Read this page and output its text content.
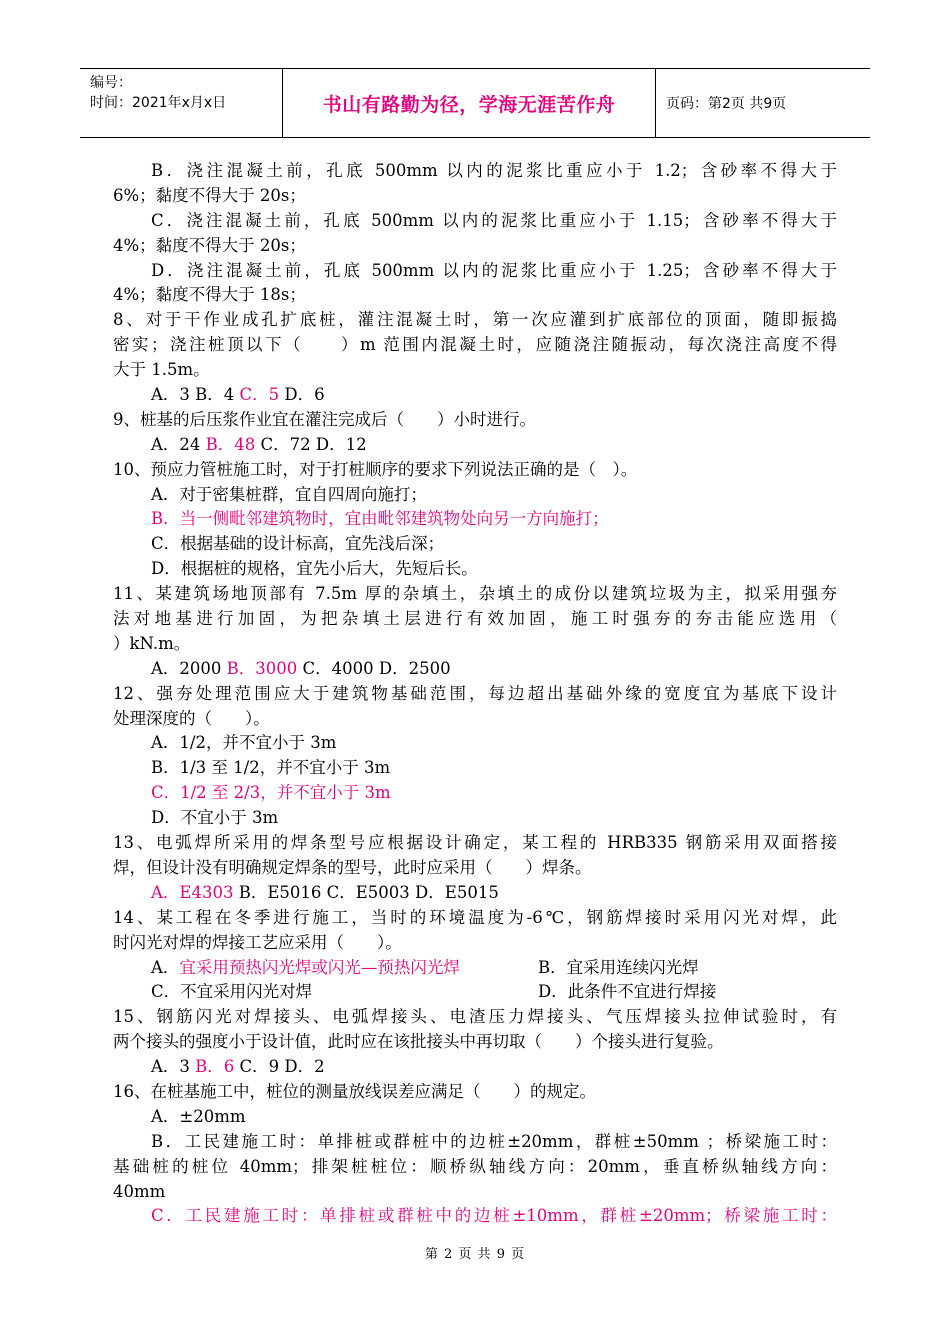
编号：
时间：2021年x月x日	书山有路勤为径，学海无涯苦作舟	页码：第2页 共9页
B．浇注混凝土前，孔底 500mm 以内的泥浆比重应小于 1.2；含砂率不得大于
6%；黏度不得大于 20s；
C．浇注混凝土前，孔底 500mm 以内的泥浆比重应小于 1.15；含砂率不得大于
4%；黏度不得大于 20s；
D．浇注混凝土前，孔底 500mm 以内的泥浆比重应小于 1.25；含砂率不得大于
4%；黏度不得大于 18s；
8、对于干作业成孔扩底桩，灌注混凝土时，第一次应灌到扩底部位的顶面，随即振捣
密实；浇注桩顶以下（　　）m 范围内混凝土时，应随浇注随振动，每次浇注高度不得
大于 1.5m。
A．3 B．4 C．5 D．6
9、桩基的后压浆作业宜在灌注完成后（　　）小时进行。
A．24 B．48 C．72 D．12
10、预应力管桩施工时，对于打桩顺序的要求下列说法正确的是（　）。
A．对于密集桩群，宜自四周向施打；
B．当一侧毗邻建筑物时，宜由毗邻建筑物处向另一方向施打；
C．根据基础的设计标高，宜先浅后深；
D．根据桩的规格，宜先小后大，先短后长。
11、某建筑场地顶部有 7.5m 厚的杂填土，杂填土的成份以建筑垃圾为主，拟采用强夯
法对地基进行加固，为把杂填土层进行有效加固，施工时强夯的夯击能应选用（
）kN.m。
A．2000 B．3000 C．4000 D．2500
12、强夯处理范围应大于建筑物基础范围，每边超出基础外缘的宽度宜为基底下设计
处理深度的（　　）。
A．1/2，并不宜小于 3m
B．1/3 至 1/2，并不宜小于 3m
C．1/2 至 2/3，并不宜小于 3m
D．不宜小于 3m
13、电弧焊所采用的焊条型号应根据设计确定，某工程的 HRB335 钢筋采用双面搭接
焊，但设计没有明确规定焊条的型号，此时应采用（　　）焊条。
A．E4303 B．E5016 C．E5003 D．E5015
14、某工程在冬季进行施工，当时的环境温度为-6℃，钢筋焊接时采用闪光对焊，此
时闪光对焊的焊接工艺应采用（　　）。
A．宜采用预热闪光焊或闪光—预热闪光焊	B．宜采用连续闪光焊
C．不宜采用闪光对焊	D．此条件不宜进行焊接
15、钢筋闪光对焊接头、电弧焊接头、电渣压力焊接头、气压焊接头拉伸试验时，有
两个接头的强度小于设计值，此时应在该批接头中再切取（　　）个接头进行复验。
A．3 B．6 C．9 D．2
16、在桩基施工中，桩位的测量放线误差应满足（　　）的规定。
A．±20mm
B．工民建施工时：单排桩或群桩中的边桩±20mm，群桩±50mm ；桥梁施工时：
基础桩的桩位 40mm；排架桩桩位：顺桥纵轴线方向：20mm，垂直桥纵轴线方向：
40mm
C．工民建施工时：单排桩或群桩中的边桩±10mm，群桩±20mm；桥梁施工时：
第 2 页 共 9 页
